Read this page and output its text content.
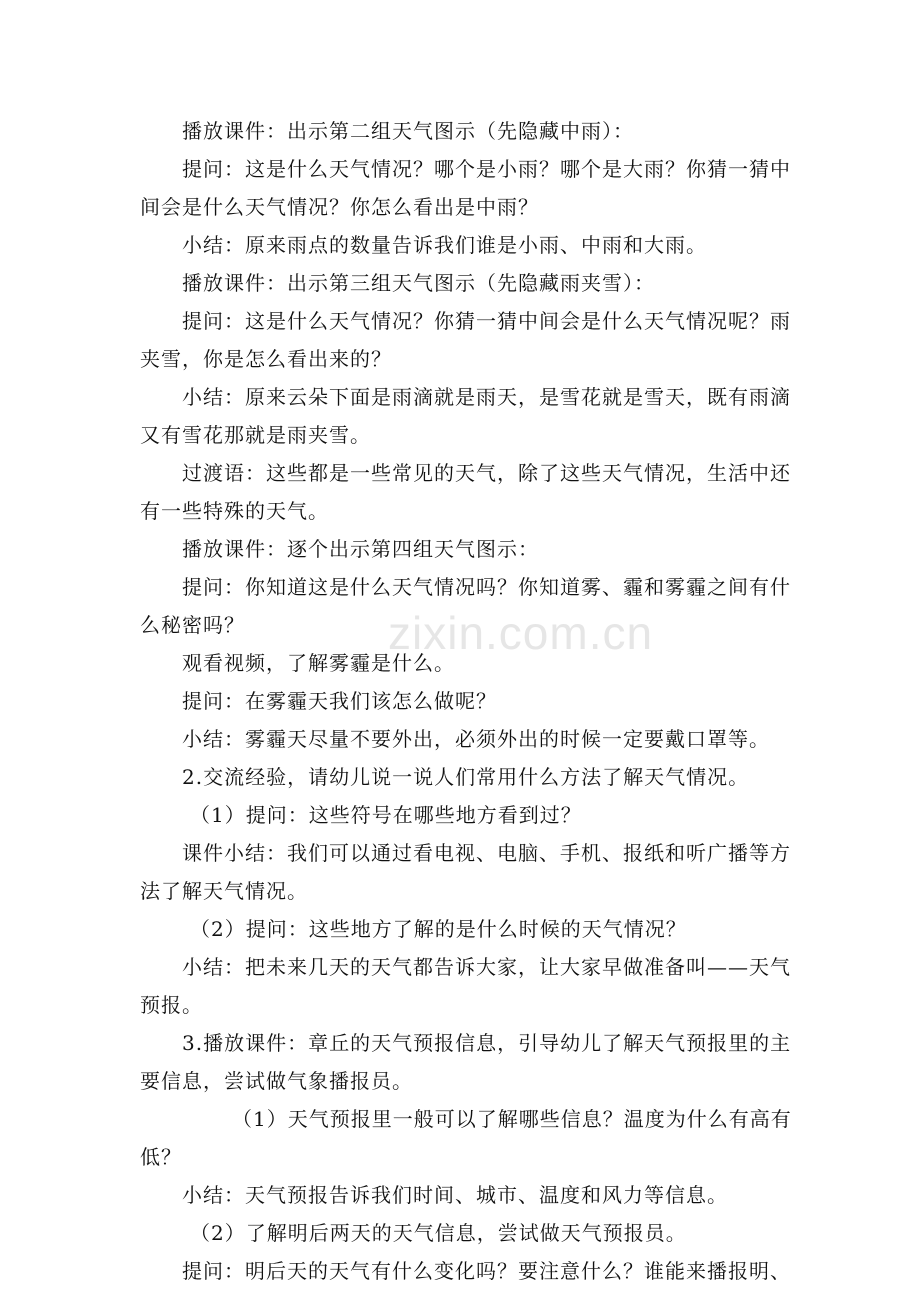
zixin.com.cn

播放课件：出示第二组天气图示（先隐藏中雨）：

提问：这是什么天气情况？哪个是小雨？哪个是大雨？你猜一猜中间会是什么天气情况？你怎么看出是中雨？

小结：原来雨点的数量告诉我们谁是小雨、中雨和大雨。

播放课件：出示第三组天气图示（先隐藏雨夹雪）：

提问：这是什么天气情况？你猜一猜中间会是什么天气情况呢？雨夹雪，你是怎么看出来的？

小结：原来云朵下面是雨滴就是雨天，是雪花就是雪天，既有雨滴又有雪花那就是雨夹雪。

过渡语：这些都是一些常见的天气，除了这些天气情况，生活中还有一些特殊的天气。

播放课件：逐个出示第四组天气图示：

提问：你知道这是什么天气情况吗？你知道雾、霾和雾霾之间有什么秘密吗？

观看视频，了解雾霾是什么。

提问：在雾霾天我们该怎么做呢？

小结：雾霾天尽量不要外出，必须外出的时候一定要戴口罩等。

2.交流经验，请幼儿说一说人们常用什么方法了解天气情况。

（1）提问：这些符号在哪些地方看到过？

课件小结：我们可以通过看电视、电脑、手机、报纸和听广播等方法了解天气情况。

（2）提问：这些地方了解的是什么时候的天气情况？

小结：把未来几天的天气都告诉大家，让大家早做准备叫——天气预报。

3.播放课件：章丘的天气预报信息，引导幼儿了解天气预报里的主要信息，尝试做气象播报员。

（1）天气预报里一般可以了解哪些信息？温度为什么有高有低？

小结：天气预报告诉我们时间、城市、温度和风力等信息。

（2）了解明后两天的天气信息，尝试做天气预报员。

提问：明后天的天气有什么变化吗？要注意什么？谁能来播报明、
